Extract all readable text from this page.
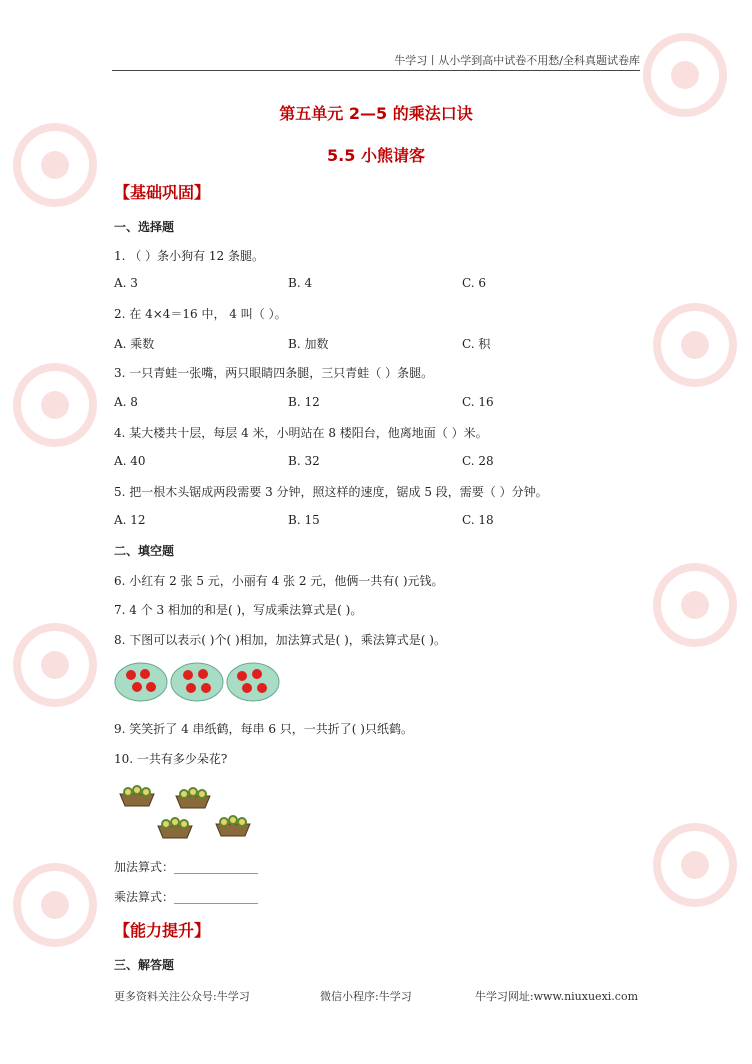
牛学习丨从小学到高中试卷不用愁/全科真题试卷库
第五单元 2—5 的乘法口诀
5.5 小熊请客
【基础巩固】
一、选择题
1. （ ）条小狗有 12 条腿。
A. 3	B. 4	C. 6
2. 在 4×4＝16 中， 4 叫（ ）。
A. 乘数	B. 加数	C. 积
3. 一只青蛙一张嘴，两只眼睛四条腿，三只青蛙（ ）条腿。
A. 8	B. 12	C. 16
4. 某大楼共十层，每层 4 米，小明站在 8 楼阳台，他离地面（ ）米。
A. 40	B. 32	C. 28
5. 把一根木头锯成两段需要 3 分钟，照这样的速度，锯成 5 段，需要（ ）分钟。
A. 12	B. 15	C. 18
二、填空题
6. 小红有 2 张 5 元，小丽有 4 张 2 元，他俩一共有( )元钱。
7. 4 个 3 相加的和是( )，写成乘法算式是( )。
8. 下图可以表示( )个( )相加，加法算式是( )，乘法算式是( )。
9. 笑笑折了 4 串纸鹤，每串 6 只，一共折了( )只纸鹤。
10. 一共有多少朵花?
加法算式：______________
乘法算式：______________
【能力提升】
三、解答题
更多资料关注公众号:牛学习	微信小程序:牛学习	牛学习网址:www.niuxuexi.com
